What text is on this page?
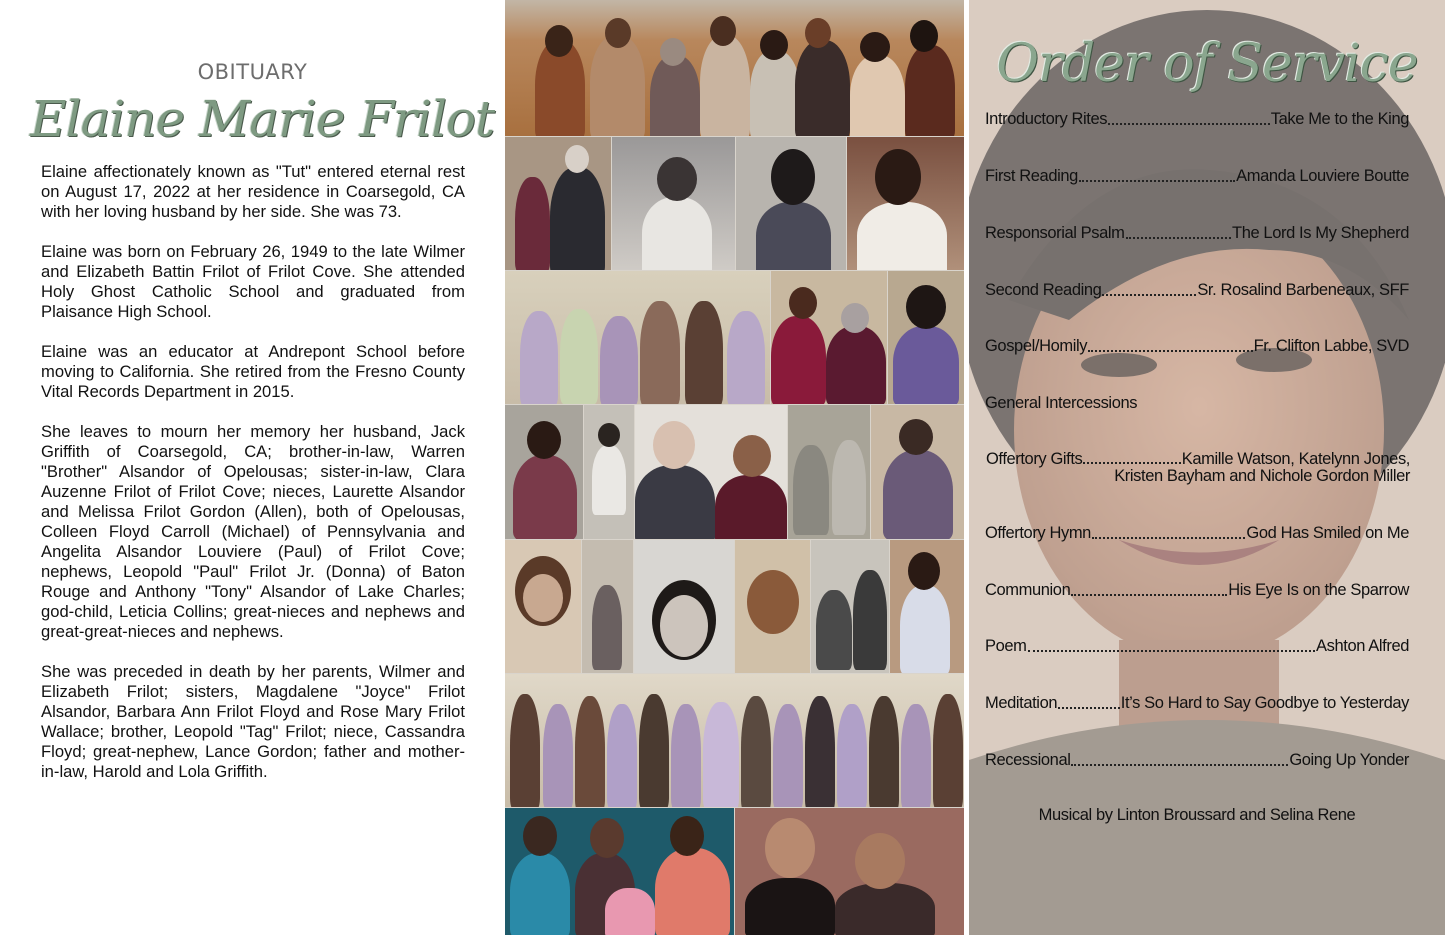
OBITUARY
Elaine Marie Frilot

Elaine affectionately known as "Tut" entered eternal rest on August 17, 2022 at her residence in Coarsegold, CA with her loving husband by her side. She was 73.

Elaine was born on February 26, 1949 to the late Wilmer and Elizabeth Battin Frilot of Frilot Cove. She attended Holy Ghost Catholic School and graduated from Plaisance High School.

Elaine was an educator at Andrepont School before moving to California. She retired from the Fresno County Vital Records Department in 2015.

She leaves to mourn her memory her husband, Jack Griffith of Coarsegold, CA; brother-in-law, Warren "Brother" Alsandor of Opelousas; sister-in-law, Clara Auzenne Frilot of Frilot Cove; nieces, Laurette Alsandor and Melissa Frilot Gordon (Allen), both of Opelousas, Colleen Floyd Carroll (Michael) of Pennsylvania and Angelita Alsandor Louviere (Paul) of Frilot Cove; nephews, Leopold "Paul" Frilot Jr. (Donna) of Baton Rouge and Anthony "Tony" Alsandor of Lake Charles; god-child, Leticia Collins; great-nieces and nephews and great-great-nieces and nephews.

She was preceded in death by her parents, Wilmer and Elizabeth Frilot; sisters, Magdalene "Joyce" Frilot Alsandor, Barbara Ann Frilot Floyd and Rose Mary Frilot Wallace; brother, Leopold "Tag" Frilot; niece, Cassandra Floyd; great-nephew, Lance Gordon; father and mother-in-law, Harold and Lola Griffith.

Order of Service
Introductory Rites	Take Me to the King
First Reading	Amanda Louviere Boutte
Responsorial Psalm	The Lord Is My Shepherd
Second Reading	Sr. Rosalind Barbeneaux, SFF
Gospel/Homily	Fr. Clifton Labbe, SVD
General Intercessions
Offertory Gifts	Kamille Watson, Katelynn Jones,
Kristen Bayham and Nichole Gordon Miller
Offertory Hymn	God Has Smiled on Me
Communion	His Eye Is on the Sparrow
Poem	Ashton Alfred
Meditation	It’s So Hard to Say Goodbye to Yesterday
Recessional	Going Up Yonder
Musical by Linton Broussard and Selina Rene
